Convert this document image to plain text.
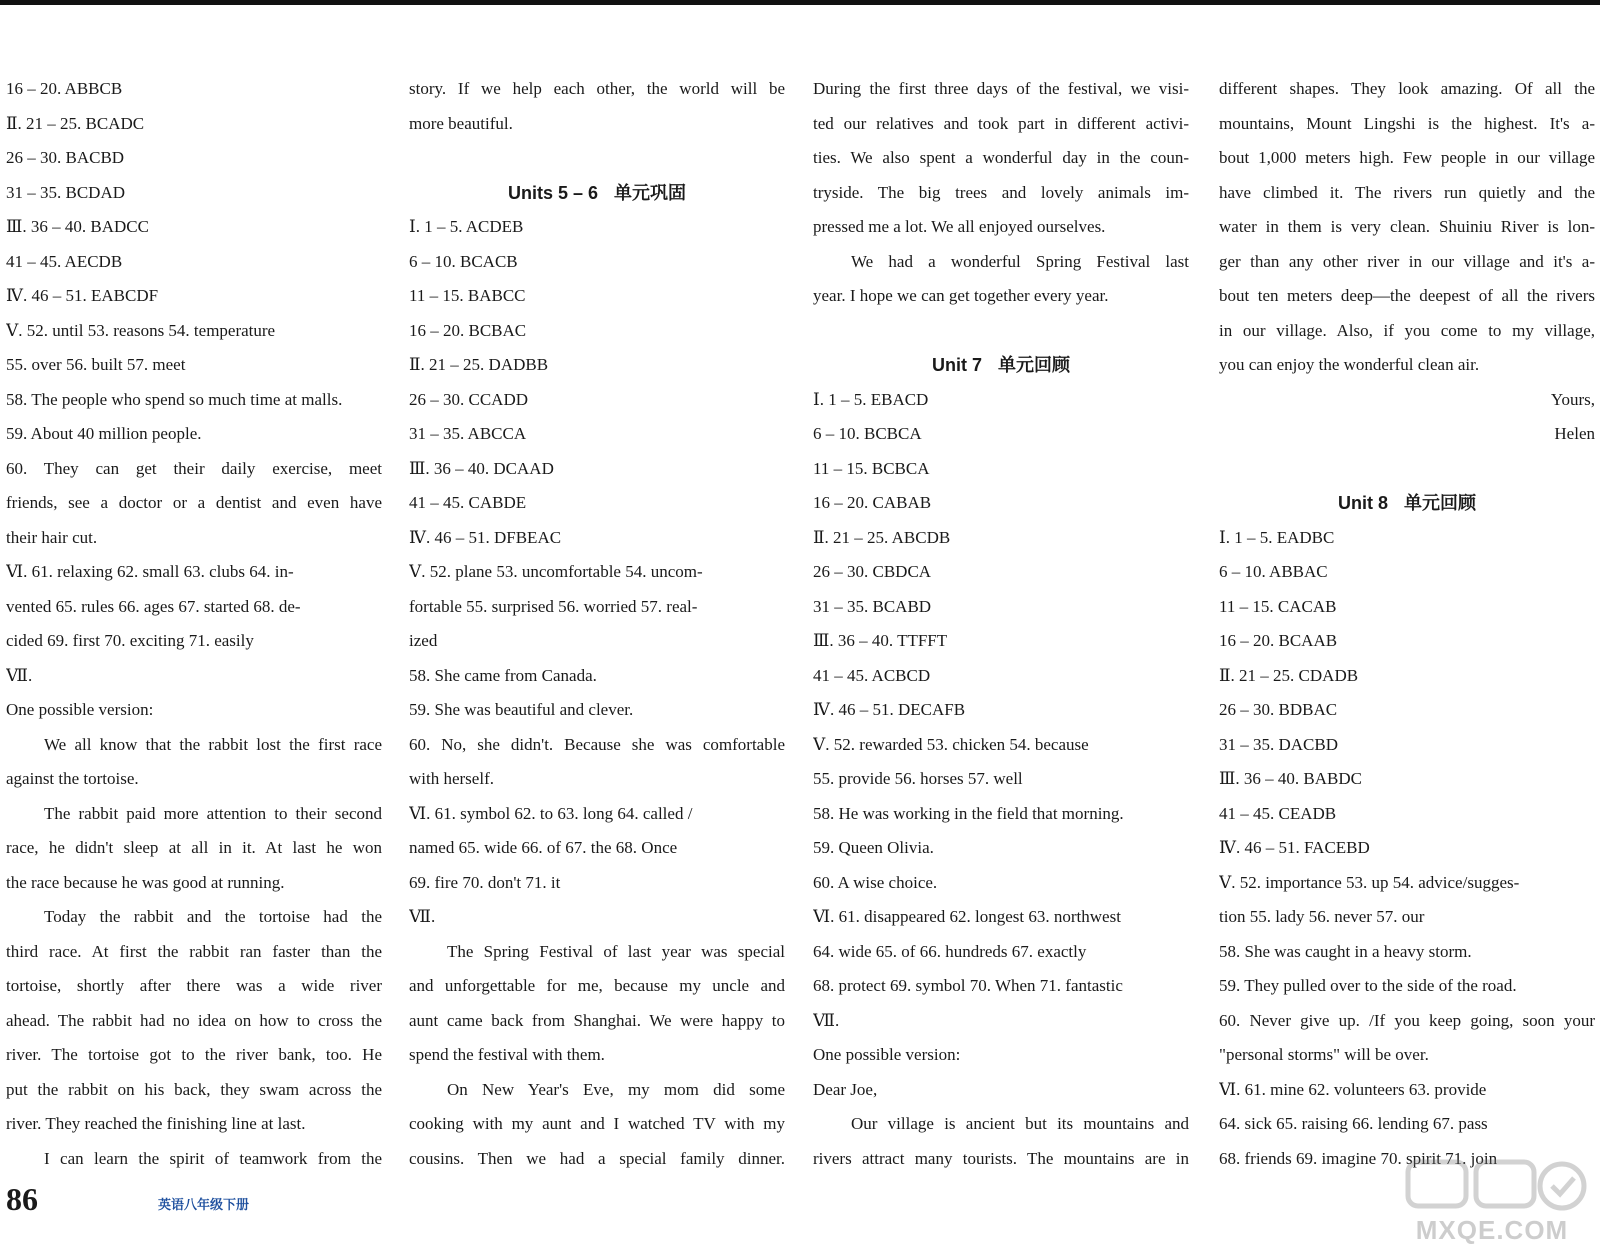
16 – 20. ABBCB
Ⅱ. 21 – 25. BCADC
26 – 30. BACBD
31 – 35. BCDAD
Ⅲ. 36 – 40. BADCC
41 – 45. AECDB
Ⅳ. 46 – 51. EABCDF
Ⅴ. 52. until 53. reasons 54. temperature
55. over 56. built 57. meet
58. The people who spend so much time at malls.
59. About 40 million people.
60. They can get their daily exercise, meet
friends, see a doctor or a dentist and even have
their hair cut.
Ⅵ. 61. relaxing 62. small 63. clubs 64. in-
vented 65. rules 66. ages 67. started 68. de-
cided 69. first 70. exciting 71. easily
Ⅶ.
One possible version:
We all know that the rabbit lost the first race
against the tortoise.
The rabbit paid more attention to their second
race, he didn't sleep at all in it. At last he won
the race because he was good at running.
Today the rabbit and the tortoise had the
third race. At first the rabbit ran faster than the
tortoise, shortly after there was a wide river
ahead. The rabbit had no idea on how to cross the
river. The tortoise got to the river bank, too. He
put the rabbit on his back, they swam across the
river. They reached the finishing line at last.
I can learn the spirit of teamwork from the
story. If we help each other, the world will be
more beautiful.
Units 5 – 6 单元巩固
Ⅰ. 1 – 5. ACDEB
6 – 10. BCACB
11 – 15. BABCC
16 – 20. BCBAC
Ⅱ. 21 – 25. DADBB
26 – 30. CCADD
31 – 35. ABCCA
Ⅲ. 36 – 40. DCAAD
41 – 45. CABDE
Ⅳ. 46 – 51. DFBEAC
Ⅴ. 52. plane 53. uncomfortable 54. uncom-
fortable 55. surprised 56. worried 57. real-
ized
58. She came from Canada.
59. She was beautiful and clever.
60. No, she didn't. Because she was comfortable
with herself.
Ⅵ. 61. symbol 62. to 63. long 64. called /
named 65. wide 66. of 67. the 68. Once
69. fire 70. don't 71. it
Ⅶ.
The Spring Festival of last year was special
and unforgettable for me, because my uncle and
aunt came back from Shanghai. We were happy to
spend the festival with them.
On New Year's Eve, my mom did some
cooking with my aunt and I watched TV with my
cousins. Then we had a special family dinner.
During the first three days of the festival, we visi-
ted our relatives and took part in different activi-
ties. We also spent a wonderful day in the coun-
tryside. The big trees and lovely animals im-
pressed me a lot. We all enjoyed ourselves.
We had a wonderful Spring Festival last
year. I hope we can get together every year.
Unit 7 单元回顾
Ⅰ. 1 – 5. EBACD
6 – 10. BCBCA
11 – 15. BCBCA
16 – 20. CABAB
Ⅱ. 21 – 25. ABCDB
26 – 30. CBDCA
31 – 35. BCABD
Ⅲ. 36 – 40. TTFFT
41 – 45. ACBCD
Ⅳ. 46 – 51. DECAFB
Ⅴ. 52. rewarded 53. chicken 54. because
55. provide 56. horses 57. well
58. He was working in the field that morning.
59. Queen Olivia.
60. A wise choice.
Ⅵ. 61. disappeared 62. longest 63. northwest
64. wide 65. of 66. hundreds 67. exactly
68. protect 69. symbol 70. When 71. fantastic
Ⅶ.
One possible version:
Dear Joe,
Our village is ancient but its mountains and
rivers attract many tourists. The mountains are in
different shapes. They look amazing. Of all the
mountains, Mount Lingshi is the highest. It's a-
bout 1,000 meters high. Few people in our village
have climbed it. The rivers run quietly and the
water in them is very clean. Shuiniu River is lon-
ger than any other river in our village and it's a-
bout ten meters deep—the deepest of all the rivers
in our village. Also, if you come to my village,
you can enjoy the wonderful clean air.
Yours,
Helen
Unit 8 单元回顾
Ⅰ. 1 – 5. EADBC
6 – 10. ABBAC
11 – 15. CACAB
16 – 20. BCAAB
Ⅱ. 21 – 25. CDADB
26 – 30. BDBAC
31 – 35. DACBD
Ⅲ. 36 – 40. BABDC
41 – 45. CEADB
Ⅳ. 46 – 51. FACEBD
Ⅴ. 52. importance 53. up 54. advice/sugges-
tion 55. lady 56. never 57. our
58. She was caught in a heavy storm.
59. They pulled over to the side of the road.
60. Never give up. /If you keep going, soon your
"personal storms" will be over.
Ⅵ. 61. mine 62. volunteers 63. provide
64. sick 65. raising 66. lending 67. pass
68. friends 69. imagine 70. spirit 71. join
86	英语八年级下册
MXQE.COM
